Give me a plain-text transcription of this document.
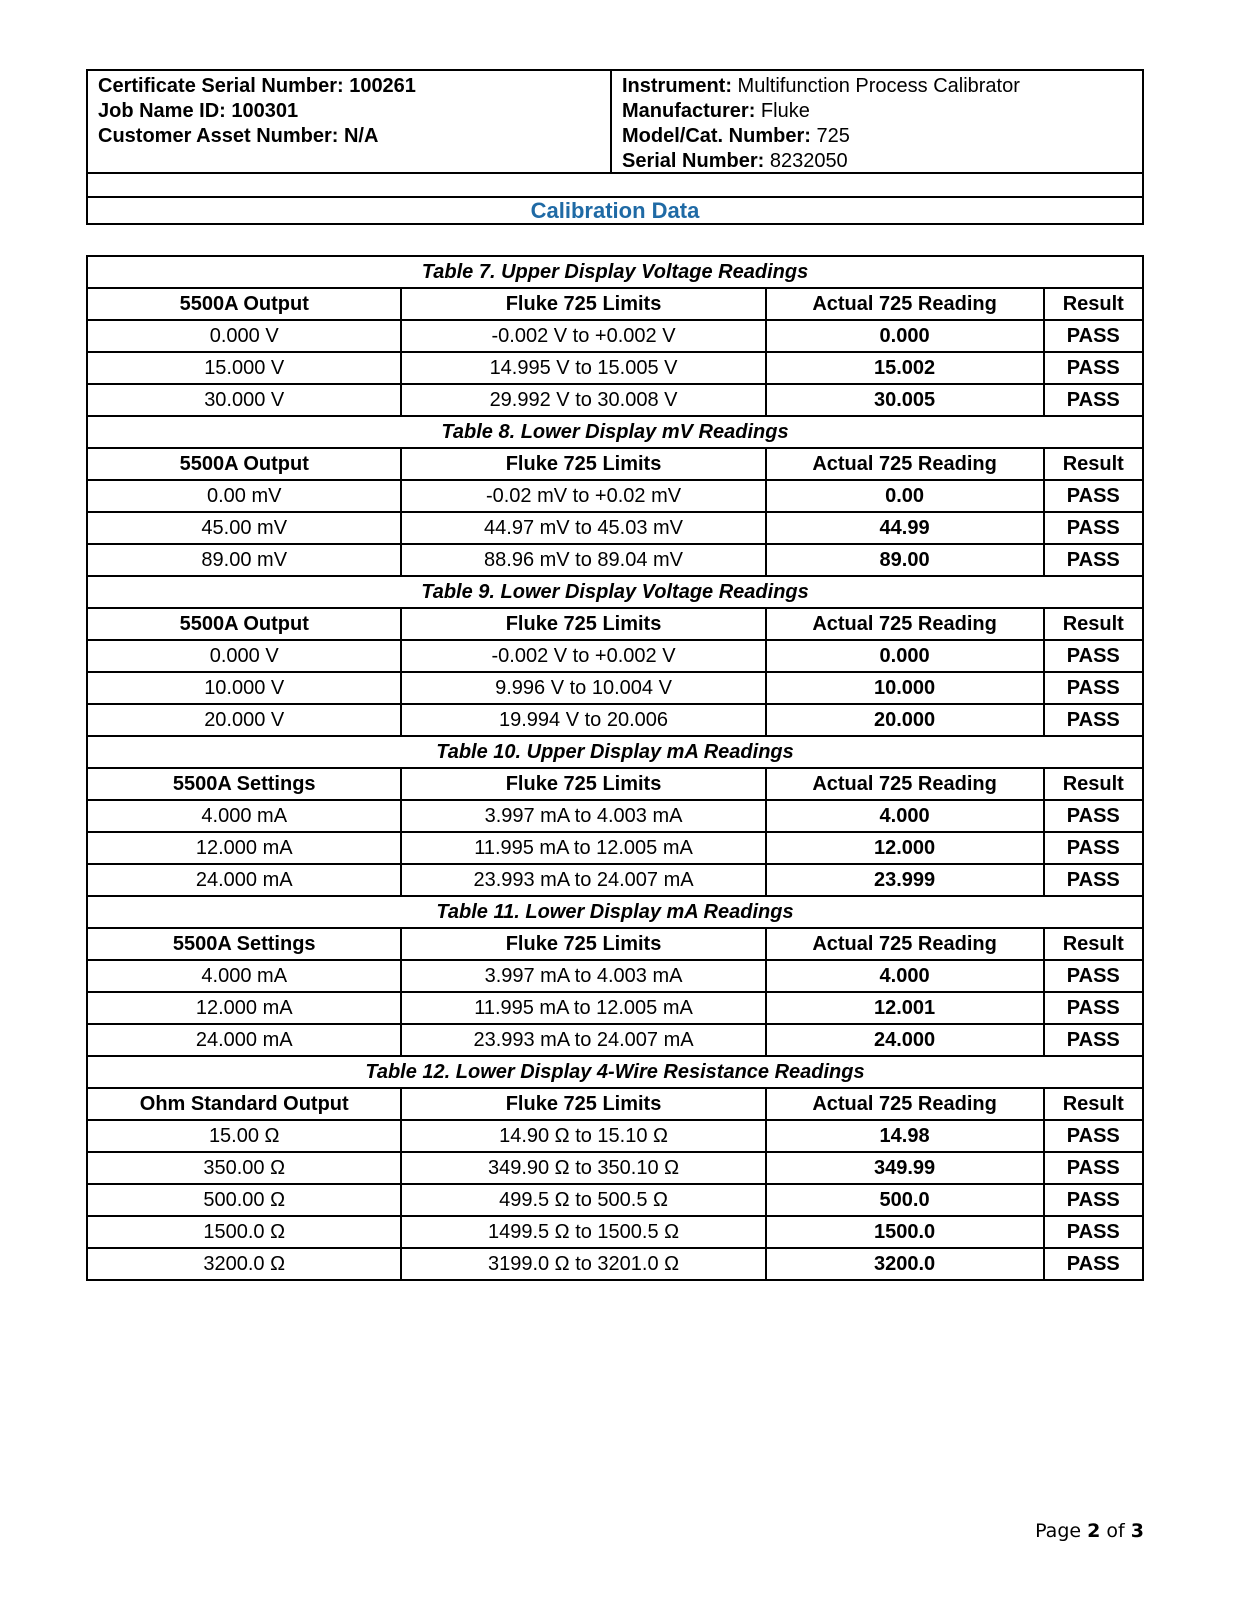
Certificate Serial Number: 100261
Job Name ID: 100301
Customer Asset Number: N/A
Instrument: Multifunction Process Calibrator
Manufacturer: Fluke
Model/Cat. Number: 725
Serial Number: 8232050
Calibration Data
Table 7. Upper Display Voltage Readings			
5500A Output	Fluke 725 Limits	Actual 725 Reading	Result
0.000 V	-0.002 V to +0.002 V	0.000	PASS
15.000 V	14.995 V to 15.005 V	15.002	PASS
30.000 V	29.992 V to 30.008 V	30.005	PASS
Table 8. Lower Display mV Readings			
5500A Output	Fluke 725 Limits	Actual 725 Reading	Result
0.00 mV	-0.02 mV to +0.02 mV	0.00	PASS
45.00 mV	44.97 mV to 45.03 mV	44.99	PASS
89.00 mV	88.96 mV to 89.04 mV	89.00	PASS
Table 9. Lower Display Voltage Readings			
5500A Output	Fluke 725 Limits	Actual 725 Reading	Result
0.000 V	-0.002 V to +0.002 V	0.000	PASS
10.000 V	9.996 V to 10.004 V	10.000	PASS
20.000 V	19.994 V to 20.006	20.000	PASS
Table 10. Upper Display mA Readings			
5500A Settings	Fluke 725 Limits	Actual 725 Reading	Result
4.000 mA	3.997 mA to 4.003 mA	4.000	PASS
12.000 mA	11.995 mA to 12.005 mA	12.000	PASS
24.000 mA	23.993 mA to 24.007 mA	23.999	PASS
Table 11. Lower Display mA Readings			
5500A Settings	Fluke 725 Limits	Actual 725 Reading	Result
4.000 mA	3.997 mA to 4.003 mA	4.000	PASS
12.000 mA	11.995 mA to 12.005 mA	12.001	PASS
24.000 mA	23.993 mA to 24.007 mA	24.000	PASS
Table 12. Lower Display 4-Wire Resistance Readings			
Ohm Standard Output	Fluke 725 Limits	Actual 725 Reading	Result
15.00 Ω	14.90 Ω to 15.10 Ω	14.98	PASS
350.00 Ω	349.90 Ω to 350.10 Ω	349.99	PASS
500.00 Ω	499.5 Ω to 500.5 Ω	500.0	PASS
1500.0 Ω	1499.5 Ω to 1500.5 Ω	1500.0	PASS
3200.0 Ω	3199.0 Ω to 3201.0 Ω	3200.0	PASS
Page 2 of 3
